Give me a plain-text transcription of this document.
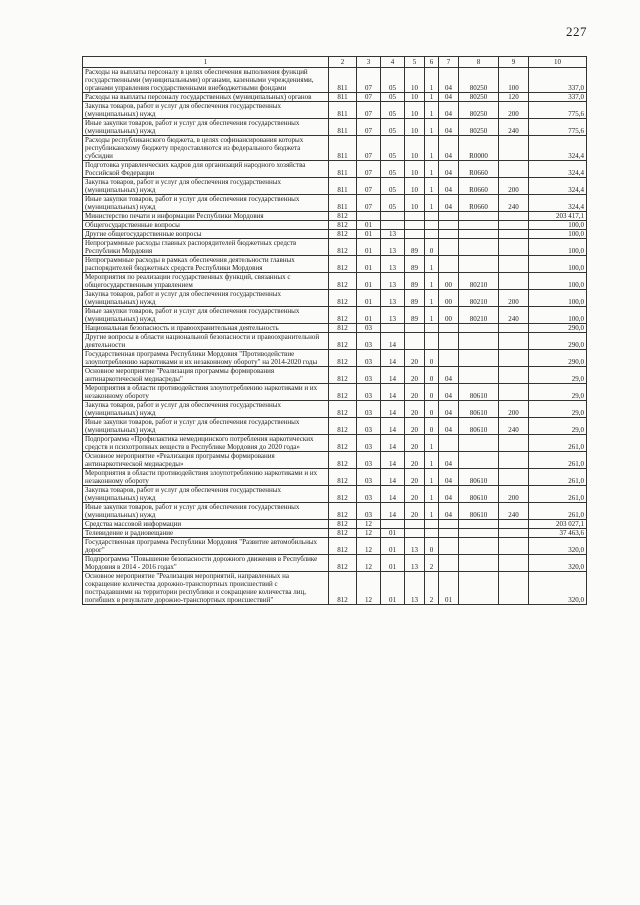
227
1	2	3	4	5	6	7	8	9	10
Расходы на выплаты персоналу в целях обеспечения выполнения функций государственными (муниципальными) органами, казенными учреждениями, органами управления государственными внебюджетными фондами	811	07	05	10	1	04	80250	100	337,0
Расходы на выплаты персоналу государственных (муниципальных) органов	811	07	05	10	1	04	80250	120	337,0
Закупка товаров, работ и услуг для обеспечения государственных (муниципальных) нужд	811	07	05	10	1	04	80250	200	775,6
Иные закупки товаров, работ и услуг для обеспечения государственных (муниципальных) нужд	811	07	05	10	1	04	80250	240	775,6
Расходы республиканского бюджета, в целях софинансирования которых республиканскому бюджету предоставляются из федерального бюджета субсидии	811	07	05	10	1	04	R0000		324,4
Подготовка управленческих кадров для организаций народного хозяйства Российской Федерации	811	07	05	10	1	04	R0660		324,4
Закупка товаров, работ и услуг для обеспечения государственных (муниципальных) нужд	811	07	05	10	1	04	R0660	200	324,4
Иные закупки товаров, работ и услуг для обеспечения государственных (муниципальных) нужд	811	07	05	10	1	04	R0660	240	324,4
Министерство печати и информации Республики Мордовия	812								203 417,1
Общегосударственные вопросы	812	01							100,0
Другие общегосударственные вопросы	812	01	13						100,0
Непрограммные расходы главных распорядителей бюджетных средств Республики Мордовия	812	01	13	89	0				100,0
Непрограммные расходы в рамках обеспечения деятельности главных распорядителей бюджетных средств Республики Мордовия	812	01	13	89	1				100,0
Мероприятия по реализации государственных функций, связанных с общегосударственным управлением	812	01	13	89	1	00	80210		100,0
Закупка товаров, работ и услуг для обеспечения государственных (муниципальных) нужд	812	01	13	89	1	00	80210	200	100,0
Иные закупки товаров, работ и услуг для обеспечения государственных (муниципальных) нужд	812	01	13	89	1	00	80210	240	100,0
Национальная безопасность и правоохранительная деятельность	812	03							290,0
Другие вопросы в области национальной безопасности и правоохранительной деятельности	812	03	14						290,0
Государственная программа Республики Мордовия "Противодействие злоупотреблению наркотиками и их незаконному обороту" на 2014-2020 годы	812	03	14	20	0				290,0
Основное мероприятие "Реализация программы формирования антинаркотической медиасреды"	812	03	14	20	0	04			29,0
Мероприятия в области противодействия злоупотреблению наркотиками и их незаконному обороту	812	03	14	20	0	04	80610		29,0
Закупка товаров, работ и услуг для обеспечения государственных (муниципальных) нужд	812	03	14	20	0	04	80610	200	29,0
Иные закупки товаров, работ и услуг для обеспечения государственных (муниципальных) нужд	812	03	14	20	0	04	80610	240	29,0
Подпрограмма «Профилактика немедицинского потребления наркотических средств и психотропных веществ в Республике Мордовия до 2020 года»	812	03	14	20	1				261,0
Основное мероприятие «Реализация программы формирования антинаркотической медиасреды»	812	03	14	20	1	04			261,0
Мероприятия в области противодействия злоупотреблению наркотиками и их незаконному обороту	812	03	14	20	1	04	80610		261,0
Закупка товаров, работ и услуг для обеспечения государственных (муниципальных) нужд	812	03	14	20	1	04	80610	200	261,0
Иные закупки товаров, работ и услуг для обеспечения государственных (муниципальных) нужд	812	03	14	20	1	04	80610	240	261,0
Средства массовой информации	812	12							203 027,1
Телевидение и радиовещание	812	12	01						37 463,6
Государственная программа Республики Мордовия "Развитие автомобильных дорог"	812	12	01	13	0				320,0
Подпрограмма "Повышение безопасности дорожного движения в Республике Мордовия в 2014 - 2016 годах"	812	12	01	13	2				320,0
Основное мероприятие "Реализация мероприятий, направленных на сокращение количества дорожно-транспортных происшествий с пострадавшими на территории республики и сокращение количества лиц, погибших в результате дорожно-транспортных происшествий"	812	12	01	13	2	01			320,0
